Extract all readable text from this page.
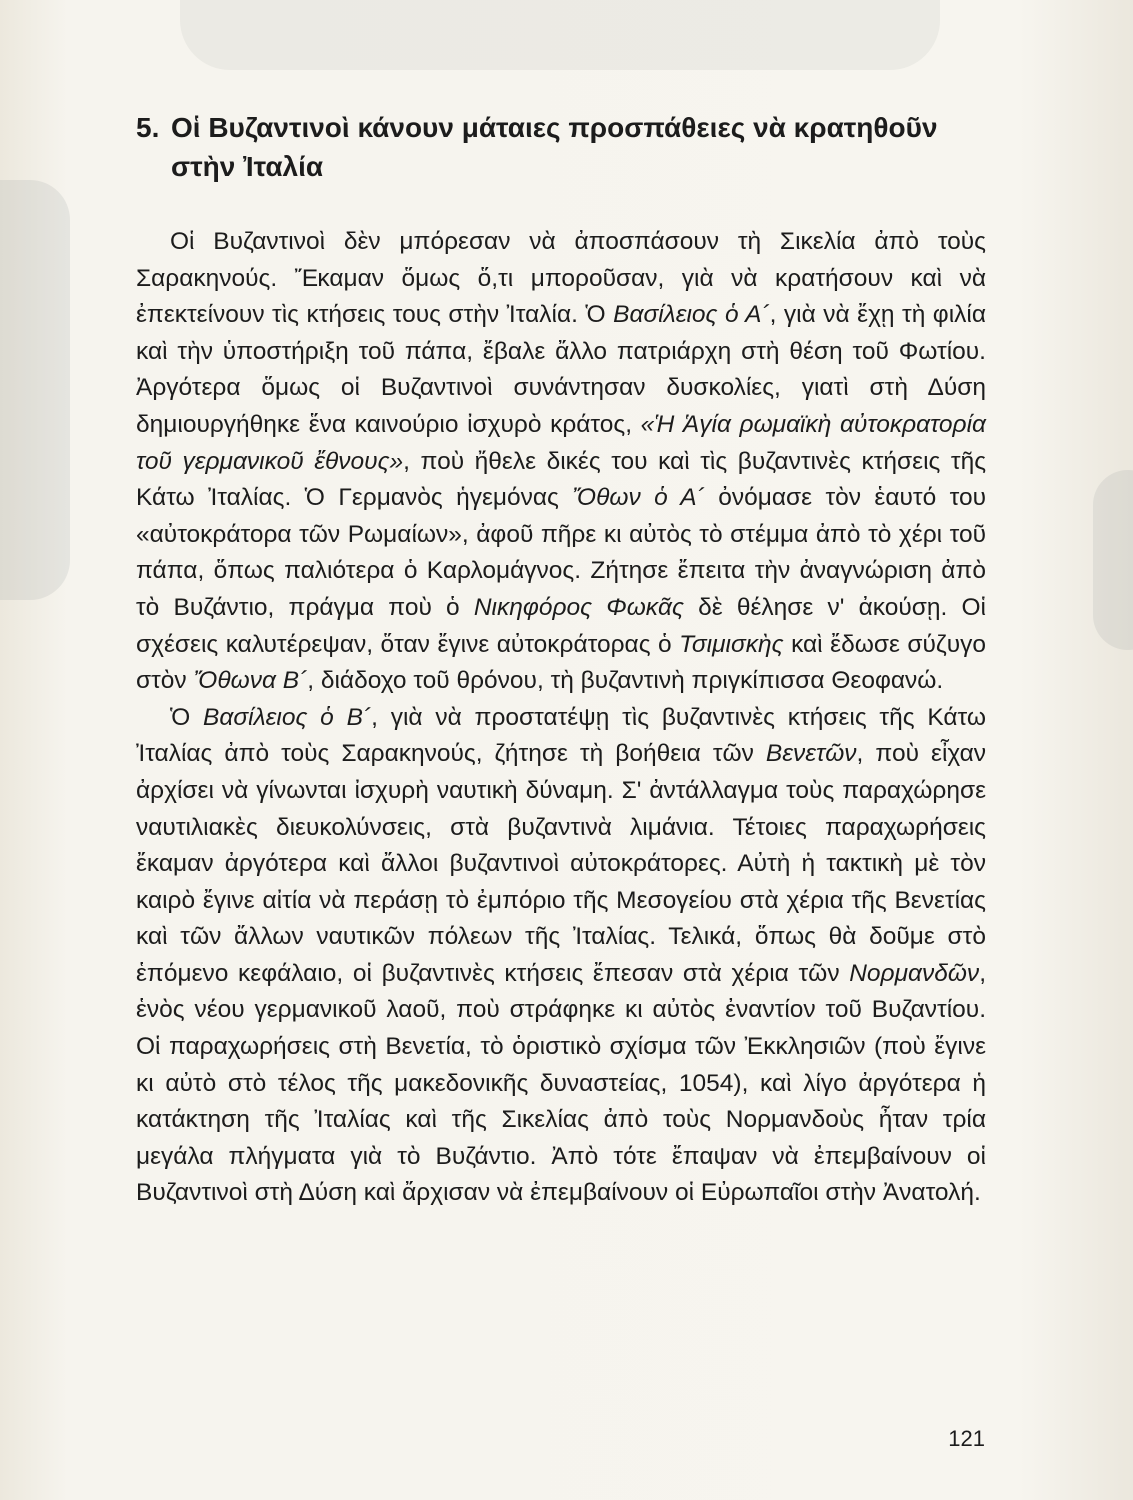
5. Οἱ Βυζαντινοὶ κάνουν μάταιες προσπάθειες νὰ κρατηθοῦν
στὴν Ἰταλία

Οἱ Βυζαντινοὶ δὲν μπόρεσαν νὰ ἀποσπάσουν τὴ Σικελία ἀπὸ τοὺς Σαρακηνούς. Ἔκαμαν ὅμως ὅ,τι μποροῦσαν, γιὰ νὰ κρατήσουν καὶ νὰ ἐπεκτείνουν τὶς κτήσεις τους στὴν Ἰταλία. Ὁ Βασίλειος ὁ Α´, γιὰ νὰ ἔχῃ τὴ φιλία καὶ τὴν ὑποστήριξη τοῦ πάπα, ἔβαλε ἄλλο πατριάρχη στὴ θέση τοῦ Φωτίου. Ἀργότερα ὅμως οἱ Βυζαντινοὶ συνάντησαν δυσκολίες, γιατὶ στὴ Δύση δημιουργήθηκε ἕνα καινούριο ἰσχυρὸ κράτος, «Ἡ Ἁγία ρωμαϊκὴ αὐτοκρατορία τοῦ γερμανικοῦ ἔθνους», ποὺ ἤθελε δικές του καὶ τὶς βυζαντινὲς κτήσεις τῆς Κάτω Ἰταλίας. Ὁ Γερμανὸς ἡγεμόνας Ὄθων ὁ Α´ ὀνόμασε τὸν ἑαυτό του «αὐτοκράτορα τῶν Ρωμαίων», ἀφοῦ πῆρε κι αὐτὸς τὸ στέμμα ἀπὸ τὸ χέρι τοῦ πάπα, ὅπως παλιότερα ὁ Καρλομάγνος. Ζήτησε ἔπειτα τὴν ἀναγνώριση ἀπὸ τὸ Βυζάντιο, πράγμα ποὺ ὁ Νικηφόρος Φωκᾶς δὲ θέλησε ν' ἀκούσῃ. Οἱ σχέσεις καλυτέρεψαν, ὅταν ἔγινε αὐτοκράτορας ὁ Τσιμισκὴς καὶ ἔδωσε σύζυγο στὸν Ὄθωνα Β´, διάδοχο τοῦ θρόνου, τὴ βυζαντινὴ πριγκίπισσα Θεοφανώ.

Ὁ Βασίλειος ὁ Β´, γιὰ νὰ προστατέψῃ τὶς βυζαντινὲς κτήσεις τῆς Κάτω Ἰταλίας ἀπὸ τοὺς Σαρακηνούς, ζήτησε τὴ βοήθεια τῶν Βενετῶν, ποὺ εἶχαν ἀρχίσει νὰ γίνωνται ἰσχυρὴ ναυτικὴ δύναμη. Σ' ἀντάλλαγμα τοὺς παραχώρησε ναυτιλιακὲς διευκολύνσεις, στὰ βυζαντινὰ λιμάνια. Τέτοιες παραχωρήσεις ἔκαμαν ἀργότερα καὶ ἄλλοι βυζαντινοὶ αὐτοκράτορες. Αὐτὴ ἡ τακτικὴ μὲ τὸν καιρὸ ἔγινε αἰτία νὰ περάσῃ τὸ ἐμπόριο τῆς Μεσογείου στὰ χέρια τῆς Βενετίας καὶ τῶν ἄλλων ναυτικῶν πόλεων τῆς Ἰταλίας. Τελικά, ὅπως θὰ δοῦμε στὸ ἑπόμενο κεφάλαιο, οἱ βυζαντινὲς κτήσεις ἔπεσαν στὰ χέρια τῶν Νορμανδῶν, ἑνὸς νέου γερμανικοῦ λαοῦ, ποὺ στράφηκε κι αὐτὸς ἐναντίον τοῦ Βυζαντίου. Οἱ παραχωρήσεις στὴ Βενετία, τὸ ὁριστικὸ σχίσμα τῶν Ἐκκλησιῶν (ποὺ ἔγινε κι αὐτὸ στὸ τέλος τῆς μακεδονικῆς δυναστείας, 1054), καὶ λίγο ἀργότερα ἡ κατάκτηση τῆς Ἰταλίας καὶ τῆς Σικελίας ἀπὸ τοὺς Νορμανδοὺς ἦταν τρία μεγάλα πλήγματα γιὰ τὸ Βυζάντιο. Ἀπὸ τότε ἔπαψαν νὰ ἐπεμβαίνουν οἱ Βυζαντινοὶ στὴ Δύση καὶ ἄρχισαν νὰ ἐπεμβαίνουν οἱ Εὐρωπαῖοι στὴν Ἀνατολή.

121
